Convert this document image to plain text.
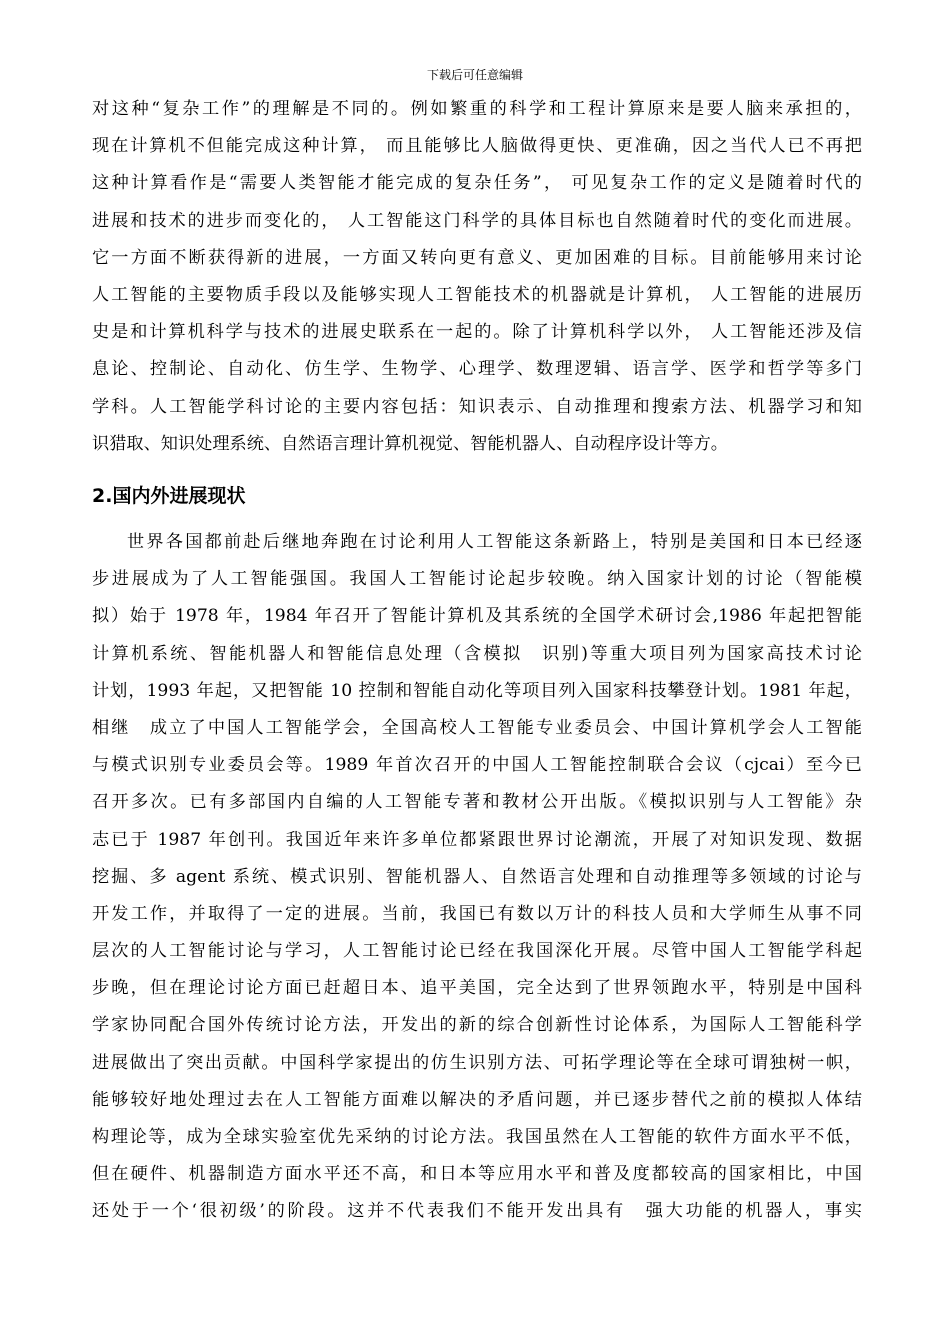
下载后可任意编辑
对这种“复杂工作”的理解是不同的。例如繁重的科学和工程计算原来是要人脑来承担的，
现在计算机不但能完成这种计算， 而且能够比人脑做得更快、更准确，因之当代人已不再把
这种计算看作是“需要人类智能才能完成的复杂任务”， 可见复杂工作的定义是随着时代的
进展和技术的进步而变化的， 人工智能这门科学的具体目标也自然随着时代的变化而进展。
它一方面不断获得新的进展，一方面又转向更有意义、更加困难的目标。目前能够用来讨论
人工智能的主要物质手段以及能够实现人工智能技术的机器就是计算机， 人工智能的进展历
史是和计算机科学与技术的进展史联系在一起的。除了计算机科学以外， 人工智能还涉及信
息论、控制论、自动化、仿生学、生物学、心理学、数理逻辑、语言学、医学和哲学等多门
学科。人工智能学科讨论的主要内容包括：知识表示、自动推理和搜索方法、机器学习和知
识猎取、知识处理系统、自然语言理计算机视觉、智能机器人、自动程序设计等方。
2.国内外进展现状
世界各国都前赴后继地奔跑在讨论利用人工智能这条新路上，特别是美国和日本已经逐
步进展成为了人工智能强国。我国人工智能讨论起步较晚。纳入国家计划的讨论（智能模
拟）始于 1978 年，1984 年召开了智能计算机及其系统的全国学术研讨会,1986 年起把智能
计算机系统、智能机器人和智能信息处理（含模拟　识别)等重大项目列为国家高技术讨论
计划，1993 年起，又把智能 10 控制和智能自动化等项目列入国家科技攀登计划。1981 年起，
相继　成立了中国人工智能学会，全国高校人工智能专业委员会、中国计算机学会人工智能
与模式识别专业委员会等。1989 年首次召开的中国人工智能控制联合会议（cjcai）至今已
召开多次。已有多部国内自编的人工智能专著和教材公开出版。《模拟识别与人工智能》杂
志已于 1987 年创刊。我国近年来许多单位都紧跟世界讨论潮流，开展了对知识发现、数据
挖掘、多 agent 系统、模式识别、智能机器人、自然语言处理和自动推理等多领域的讨论与
开发工作，并取得了一定的进展。当前，我国已有数以万计的科技人员和大学师生从事不同
层次的人工智能讨论与学习，人工智能讨论已经在我国深化开展。尽管中国人工智能学科起
步晚，但在理论讨论方面已赶超日本、追平美国，完全达到了世界领跑水平，特别是中国科
学家协同配合国外传统讨论方法，开发出的新的综合创新性讨论体系，为国际人工智能科学
进展做出了突出贡献。中国科学家提出的仿生识别方法、可拓学理论等在全球可谓独树一帜，
能够较好地处理过去在人工智能方面难以解决的矛盾问题，并已逐步替代之前的模拟人体结
构理论等，成为全球实验室优先采纳的讨论方法。我国虽然在人工智能的软件方面水平不低，
但在硬件、机器制造方面水平还不高，和日本等应用水平和普及度都较高的国家相比，中国
还处于一个‘很初级’的阶段。这并不代表我们不能开发出具有　强大功能的机器人，事实
